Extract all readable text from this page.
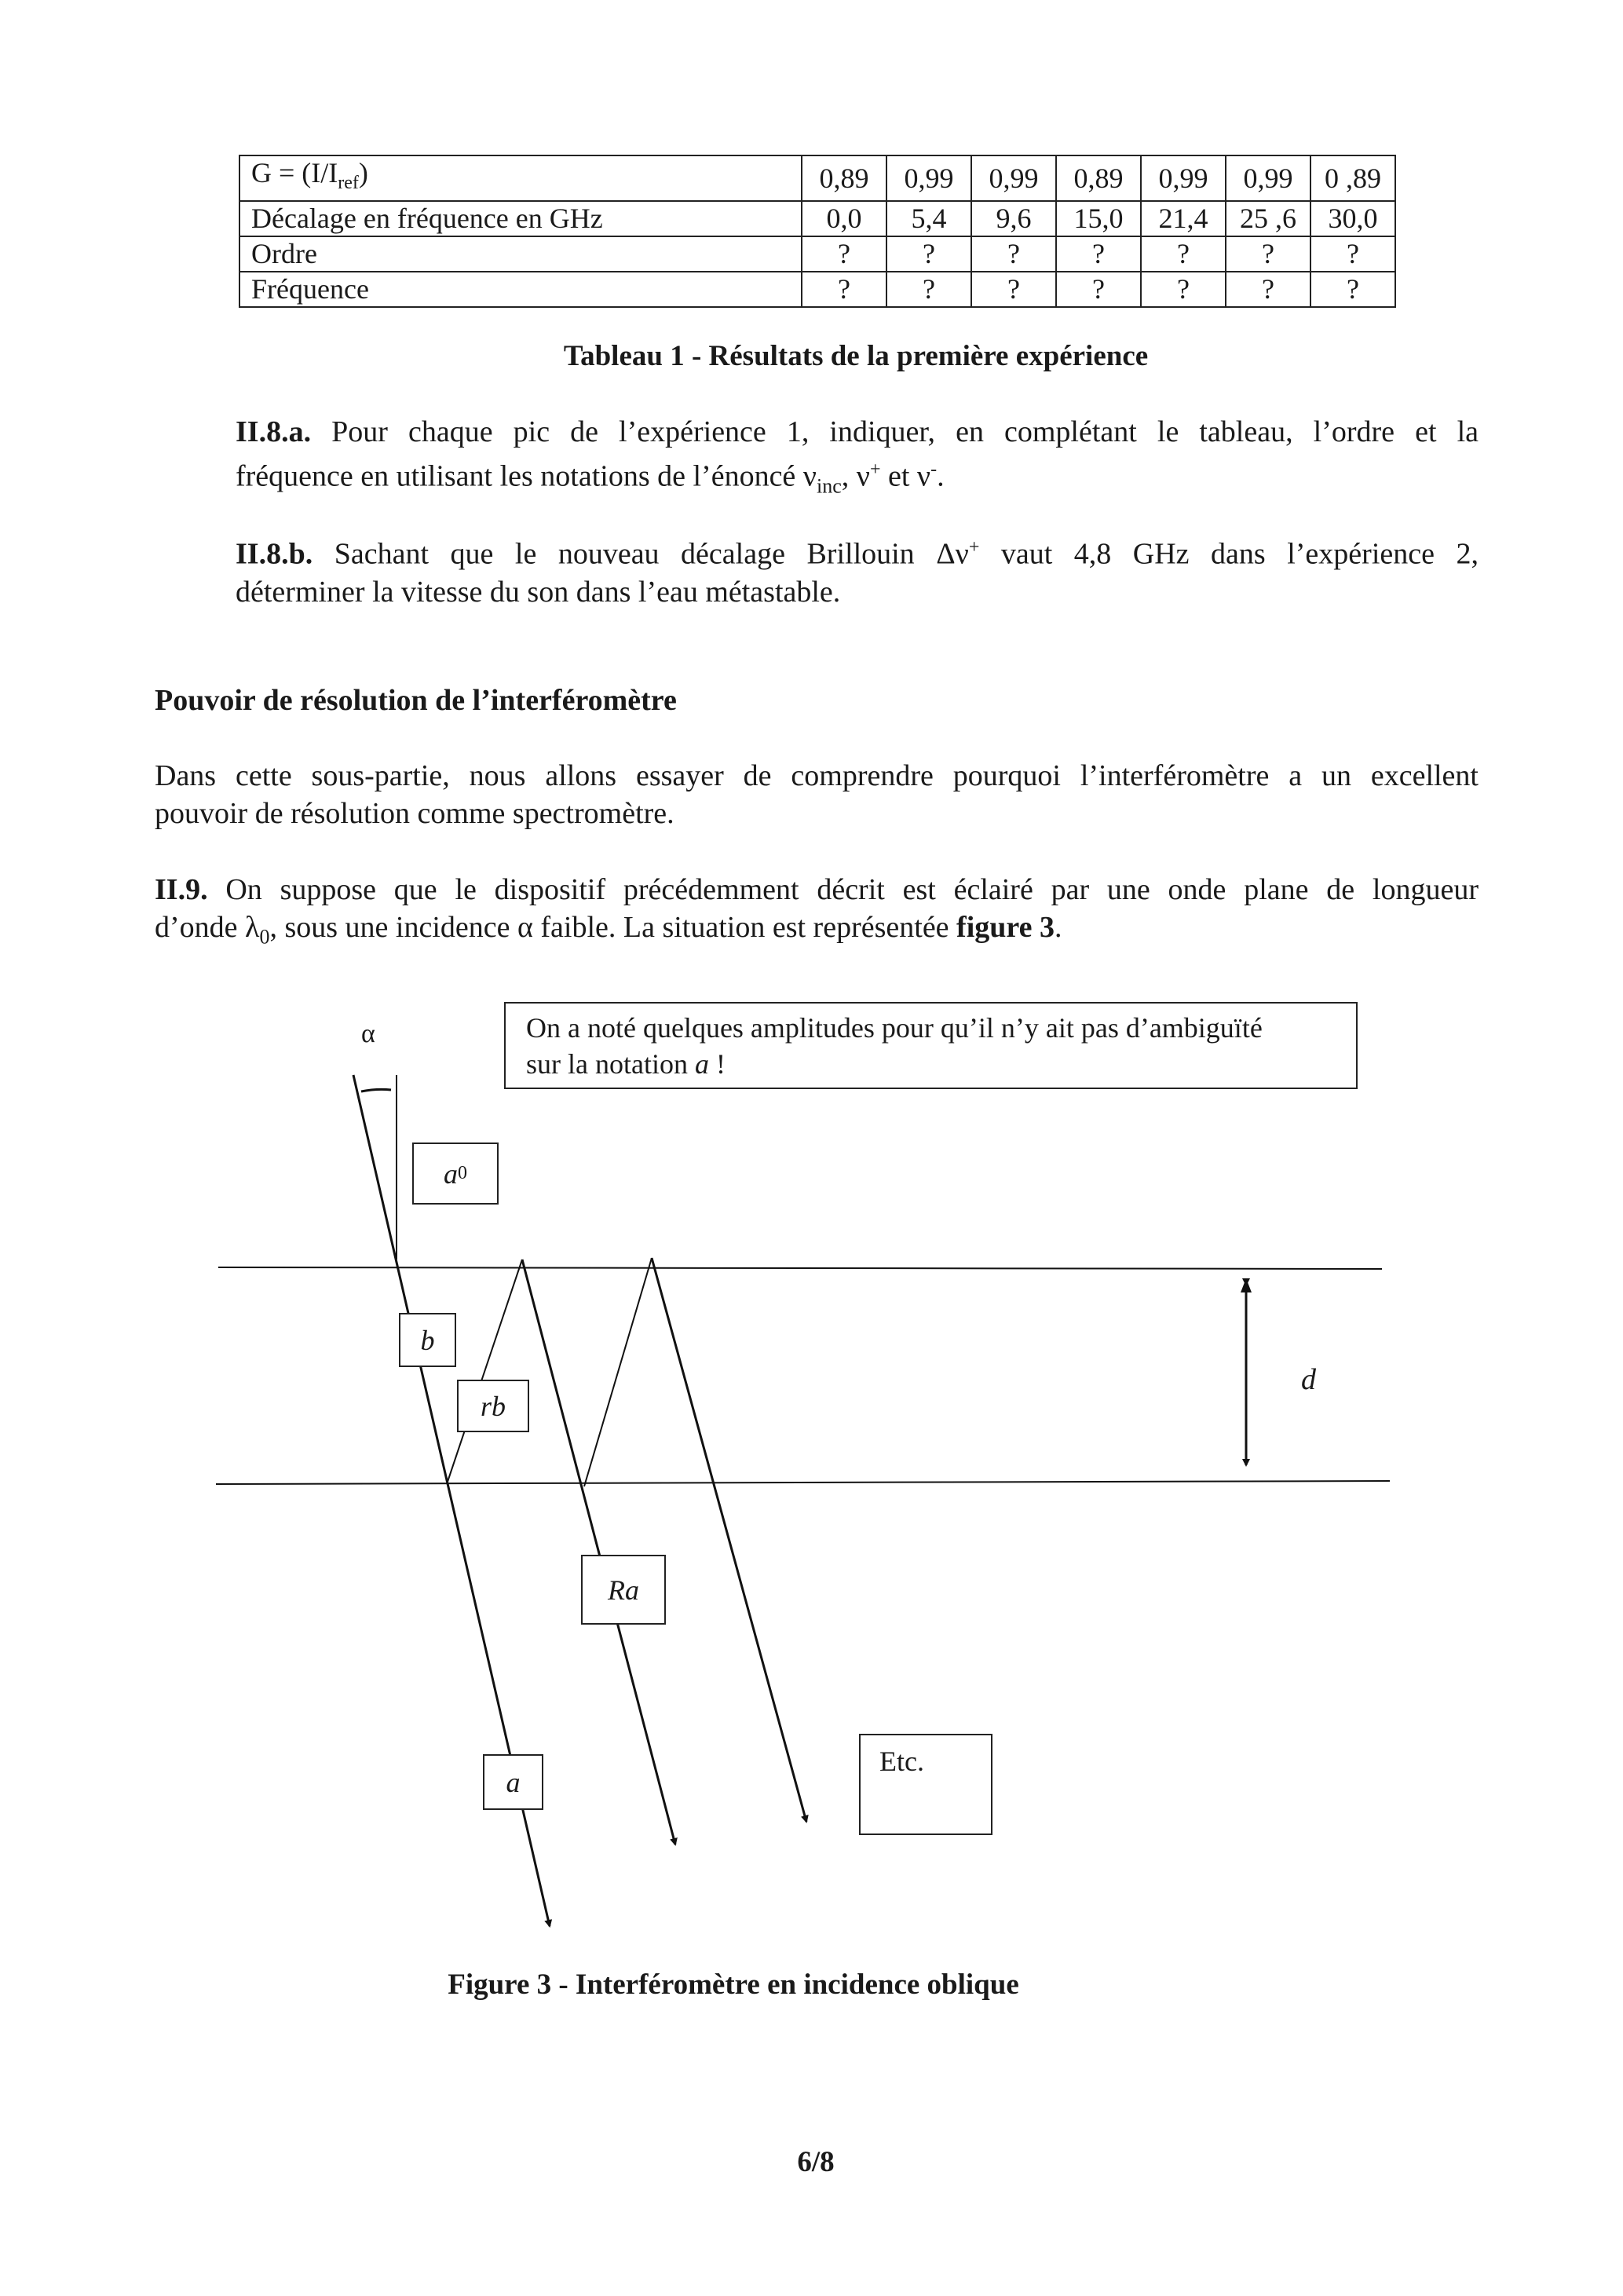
$G = (I/I_{ref})$	0,89	0,99	0,99	0,89	0,99	0,99	0 ,89
Décalage en fréquence en GHz	0,0	5,4	9,6	15,0	21,4	25 ,6	30,0
Ordre	?	?	?	?	?	?	?
Fréquence	?	?	?	?	?	?	?
Tableau 1 - Résultats de la première expérience
II.8.a. Pour chaque pic de l’expérience 1, indiquer, en complétant le tableau, l’ordre et la
fréquence en utilisant les notations de l’énoncé $\nu_{inc}$, ν+ et ν-.
II.8.b. Sachant que le nouveau décalage Brillouin Δν+ vaut 4,8 GHz dans l’expérience 2,
déterminer la vitesse du son dans l’eau métastable.
Pouvoir de résolution de l’interféromètre
Dans cette sous-partie, nous allons essayer de comprendre pourquoi l’interféromètre a un excellent
pouvoir de résolution comme spectromètre.
II.9. On suppose que le dispositif précédemment décrit est éclairé par une onde plane de longueur
d’onde $\lambda_0$, sous une incidence α faible. La situation est représentée figure 3.
α	On a noté quelques amplitudes pour qu’il n’y ait pas d’ambiguïté
sur la notation a !
a 0
b
rb
Ra
a
Etc.
d
Figure 3 - Interféromètre en incidence oblique
6/8
